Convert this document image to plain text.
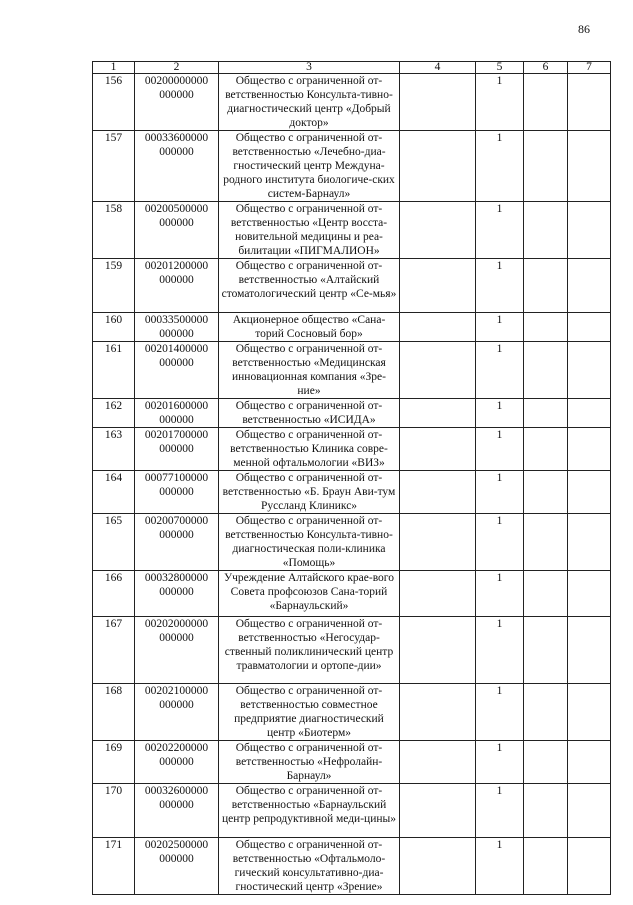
86
1	2	3	4	5	6	7
156	00200000000 000000	Общество с ограниченной от-ветственностью Консульта-тивно-диагностический центр «Добрый доктор»		1		
157	00033600000 000000	Общество с ограниченной от-ветственностью «Лечебно-диа-гностический центр Междуна-родного института биологиче-ских систем-Барнаул»		1		
158	00200500000 000000	Общество с ограниченной от-ветственностью «Центр восста-новительной медицины и реа-билитации «ПИГМАЛИОН»		1		
159	00201200000 000000	Общество с ограниченной от-ветственностью «Алтайский стоматологический центр «Се-мья»		1		
160	00033500000 000000	Акционерное общество «Сана-торий Сосновый бор»		1		
161	00201400000 000000	Общество с ограниченной от-ветственностью «Медицинская инновационная компания «Зре-ние»		1		
162	00201600000 000000	Общество с ограниченной от-ветственностью «ИСИДА»		1		
163	00201700000 000000	Общество с ограниченной от-ветственностью Клиника совре-менной офтальмологии «ВИЗ»		1		
164	00077100000 000000	Общество с ограниченной от-ветственностью «Б. Браун Ави-тум Руссланд Клиникс»		1		
165	00200700000 000000	Общество с ограниченной от-ветственностью Консульта-тивно-диагностическая поли-клиника «Помощь»		1		
166	00032800000 000000	Учреждение Алтайского крае-вого Совета профсоюзов Сана-торий «Барнаульский»		1		
167	00202000000 000000	Общество с ограниченной от-ветственностью «Негосудар-ственный поликлинический центр травматологии и ортопе-дии»		1		
168	00202100000 000000	Общество с ограниченной от-ветственностью совместное предприятие диагностический центр «Биотерм»		1		
169	00202200000 000000	Общество с ограниченной от-ветственностью «Нефролайн-Барнаул»		1		
170	00032600000 000000	Общество с ограниченной от-ветственностью «Барнаульский центр репродуктивной меди-цины»		1		
171	00202500000 000000	Общество с ограниченной от-ветственностью «Офтальмоло-гический консультативно-диа-гностический центр «Зрение»		1		
